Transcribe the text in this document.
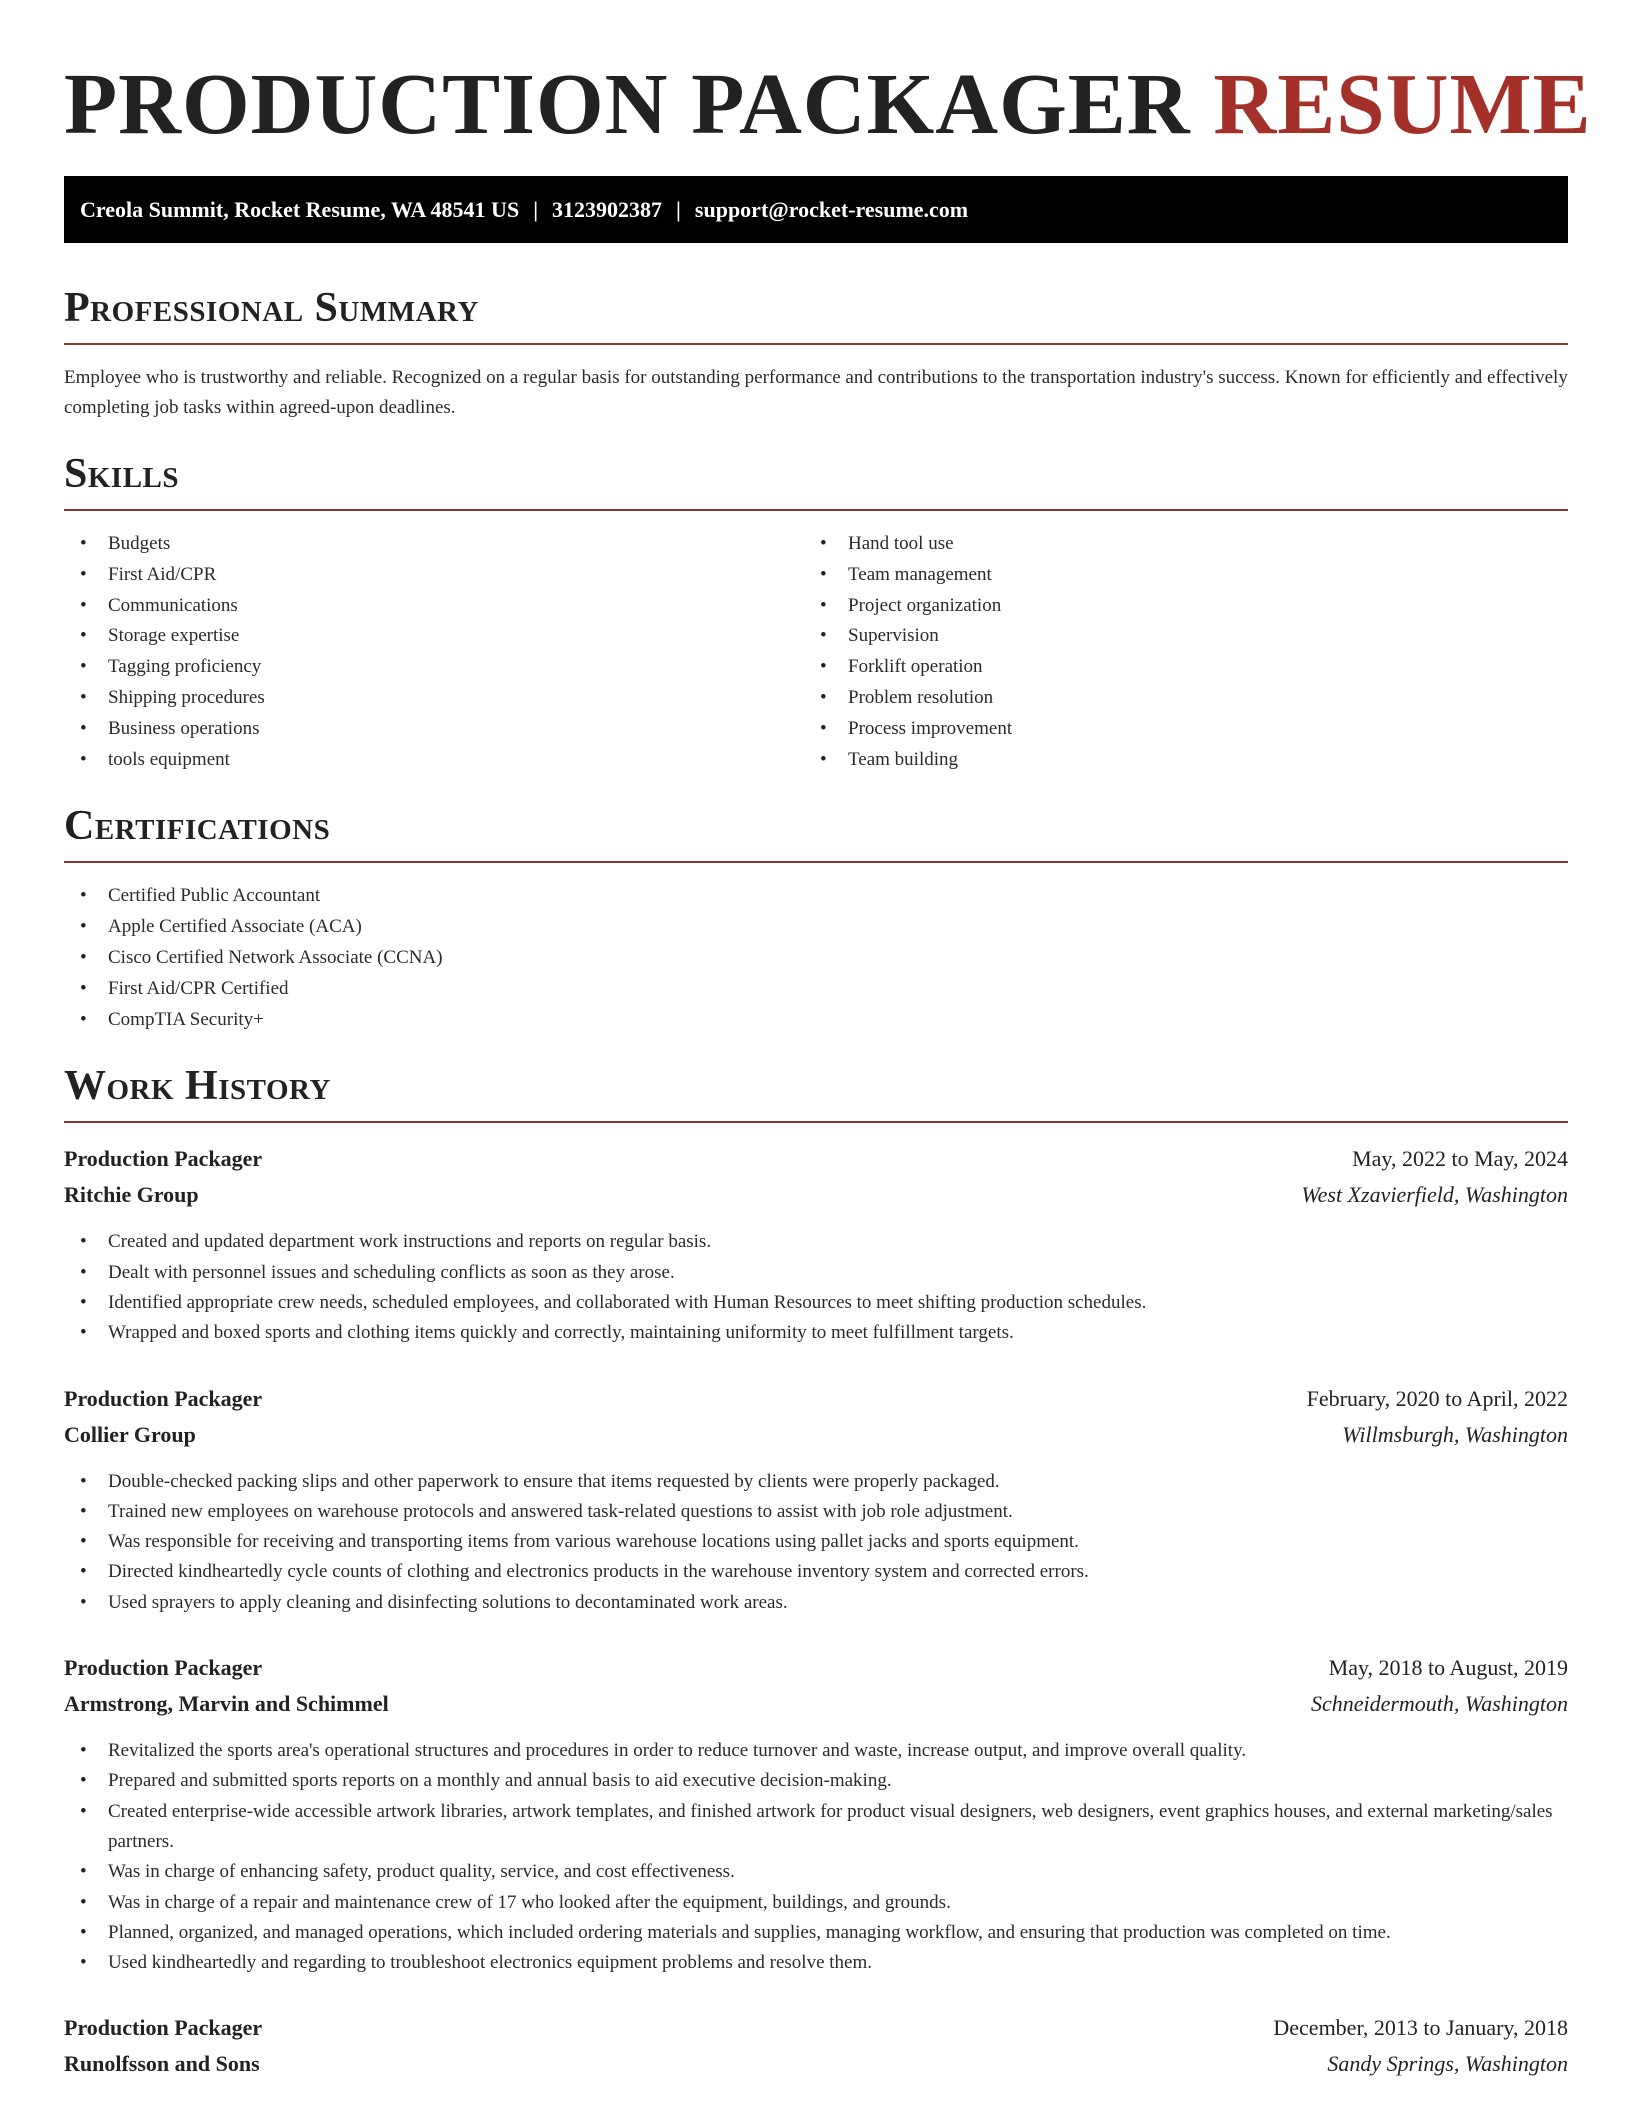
PRODUCTION PACKAGER RESUME
Creola Summit, Rocket Resume, WA 48541 US | 3123902387 | support@rocket-resume.com
Professional Summary

Employee who is trustworthy and reliable. Recognized on a regular basis for outstanding performance and contributions to the transportation industry's success. Known for efficiently and effectively completing job tasks within agreed-upon deadlines.

Skills
• Budgets
• First Aid/CPR
• Communications
• Storage expertise
• Tagging proficiency
• Shipping procedures
• Business operations
• tools equipment
• Hand tool use
• Team management
• Project organization
• Supervision
• Forklift operation
• Problem resolution
• Process improvement
• Team building
Certifications
• Certified Public Accountant
• Apple Certified Associate (ACA)
• Cisco Certified Network Associate (CCNA)
• First Aid/CPR Certified
• CompTIA Security+
Work History
Production Packager	May, 2022 to May, 2024
Ritchie Group	West Xzavierfield, Washington
• Created and updated department work instructions and reports on regular basis.
• Dealt with personnel issues and scheduling conflicts as soon as they arose.
• Identified appropriate crew needs, scheduled employees, and collaborated with Human Resources to meet shifting production schedules.
• Wrapped and boxed sports and clothing items quickly and correctly, maintaining uniformity to meet fulfillment targets.
Production Packager	February, 2020 to April, 2022
Collier Group	Willmsburgh, Washington
• Double-checked packing slips and other paperwork to ensure that items requested by clients were properly packaged.
• Trained new employees on warehouse protocols and answered task-related questions to assist with job role adjustment.
• Was responsible for receiving and transporting items from various warehouse locations using pallet jacks and sports equipment.
• Directed kindheartedly cycle counts of clothing and electronics products in the warehouse inventory system and corrected errors.
• Used sprayers to apply cleaning and disinfecting solutions to decontaminated work areas.
Production Packager	May, 2018 to August, 2019
Armstrong, Marvin and Schimmel	Schneidermouth, Washington
• Revitalized the sports area's operational structures and procedures in order to reduce turnover and waste, increase output, and improve overall quality.
• Prepared and submitted sports reports on a monthly and annual basis to aid executive decision-making.
• Created enterprise-wide accessible artwork libraries, artwork templates, and finished artwork for product visual designers, web designers, event graphics houses, and external marketing/sales partners.
• Was in charge of enhancing safety, product quality, service, and cost effectiveness.
• Was in charge of a repair and maintenance crew of 17 who looked after the equipment, buildings, and grounds.
• Planned, organized, and managed operations, which included ordering materials and supplies, managing workflow, and ensuring that production was completed on time.
• Used kindheartedly and regarding to troubleshoot electronics equipment problems and resolve them.
Production Packager	December, 2013 to January, 2018
Runolfsson and Sons	Sandy Springs, Washington
